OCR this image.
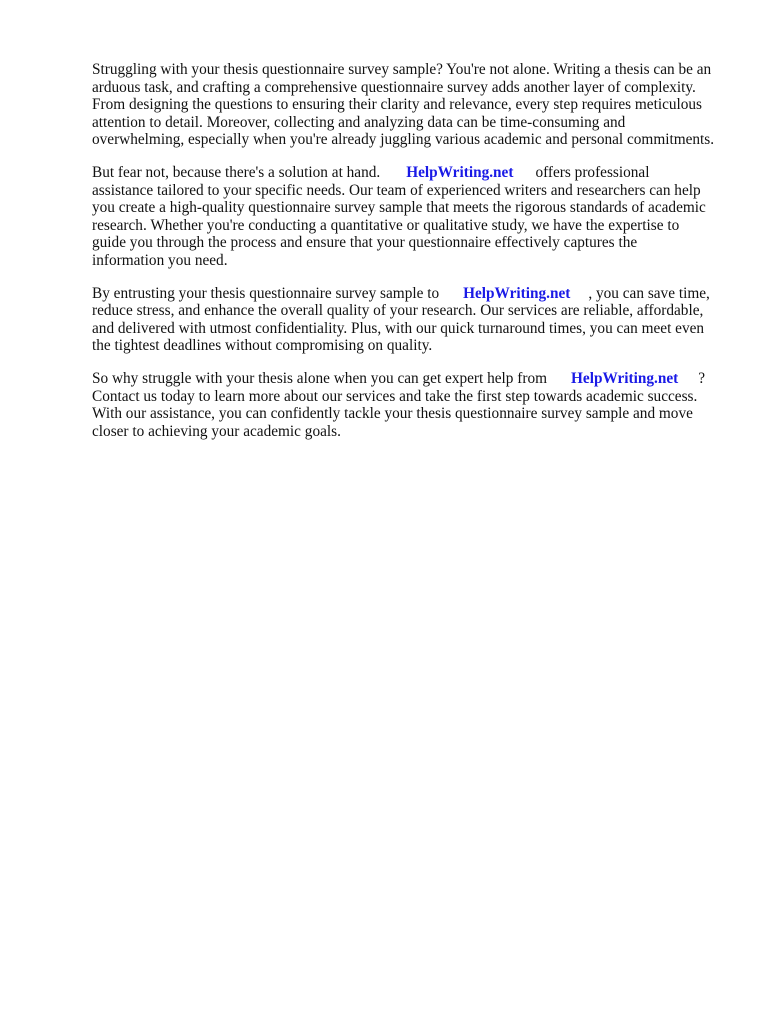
Struggling with your thesis questionnaire survey sample? You're not alone. Writing a thesis can be an
arduous task, and crafting a comprehensive questionnaire survey adds another layer of complexity.
From designing the questions to ensuring their clarity and relevance, every step requires meticulous
attention to detail. Moreover, collecting and analyzing data can be time-consuming and
overwhelming, especially when you're already juggling various academic and personal commitments.

But fear not, because there's a solution at hand. HelpWriting.net offers professional
assistance tailored to your specific needs. Our team of experienced writers and researchers can help
you create a high-quality questionnaire survey sample that meets the rigorous standards of academic
research. Whether you're conducting a quantitative or qualitative study, we have the expertise to
guide you through the process and ensure that your questionnaire effectively captures the
information you need.

By entrusting your thesis questionnaire survey sample to HelpWriting.net , you can save time,
reduce stress, and enhance the overall quality of your research. Our services are reliable, affordable,
and delivered with utmost confidentiality. Plus, with our quick turnaround times, you can meet even
the tightest deadlines without compromising on quality.

So why struggle with your thesis alone when you can get expert help from HelpWriting.net ?
Contact us today to learn more about our services and take the first step towards academic success.
With our assistance, you can confidently tackle your thesis questionnaire survey sample and move
closer to achieving your academic goals.
